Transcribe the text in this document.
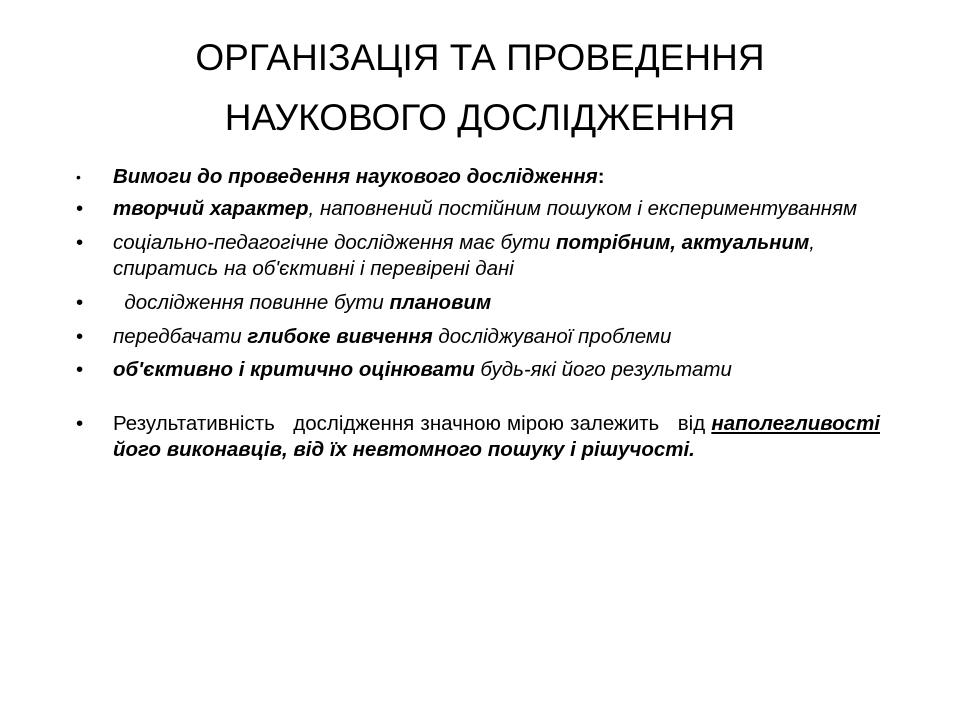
ОРГАНІЗАЦІЯ ТА ПРОВЕДЕННЯ
НАУКОВОГО ДОСЛІДЖЕННЯ
• Вимоги до проведення наукового дослідження:
• творчий характер, наповнений постійним пошуком і експериментуванням
• соціально-педагогічне дослідження має бути потрібним, актуальним, спиратись на об'єктивні і перевірені дані
• дослідження повинне бути плановим
• передбачати глибоке вивчення досліджуваної проблеми
• об'єктивно і критично оцінювати будь-які його результати
• Результативність   дослідження значною мірою залежить   від наполегливості його виконавців, від їх невтомного пошуку і рішучості.
